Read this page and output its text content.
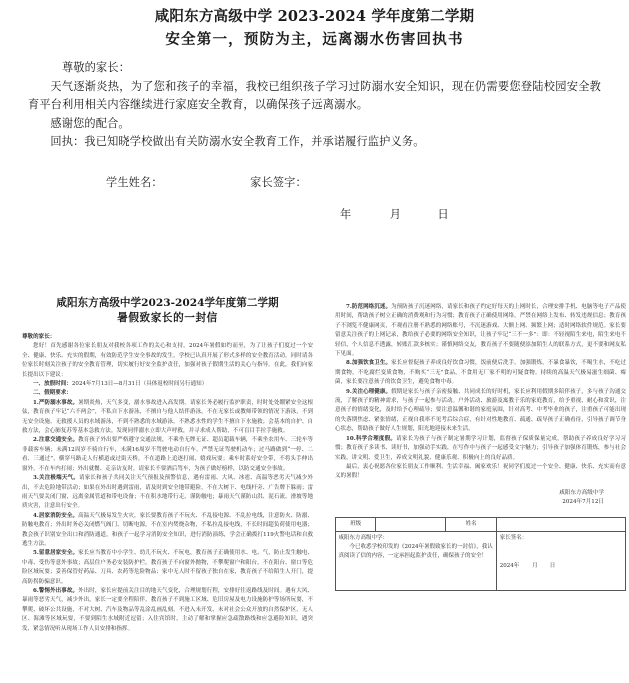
咸阳东方高级中学 2023-2024 学年度第二学期
安全第一，预防为主，远离溺水伤害回执书

尊敬的家长：

天气逐渐炎热，为了您和孩子的幸福，我校已组织孩子学习过防溺水安全知识，现在仍需要您登陆校园安全教育平台利用相关内容继续进行家庭安全教育，以确保孩子远离溺水。

感谢您的配合。

回执：我已知晓学校做出有关防溺水安全教育工作，并承诺履行监护义务。

学生姓名：	家长签字：
年	月	日
咸阳东方高级中学2023-2024学年度第二学期
暑假致家长的一封信

尊敬的家长：

您好！首先感谢各位家长朋友对我校各项工作的关心和支持。2024年暑假如约而至，为了让孩子们度过一个安全、健康、快乐、充实的假期，有效防范学生安全事故的发生，学校已认真开展了形式多样的安全教育活动。同时请各位家长时刻关注孩子的安全教育管理，切实履行好安全监护责任，加强对孩子假期生活的关心与指导。在此，我们向家长提出以下建议：

一、放假时间：2024年7月13日—8月31日（具体返校时间另行通知）

二、假期要求：

1.严防溺水事故。暑期炎热，天气多变，溺水事故进入高发期。请家长务必履行监护职责，时时处处绷紧安全这根弦，教育孩子牢记“六不两会”，不私自下水游泳，不擅自与他人结伴游泳，不在无家长或教师带领的情况下游泳，不到无安全设施、无救援人员的水域游泳，不到不熟悉的水域游泳，不熟悉水性的学生不擅自下水施救；会基本的自护、自救方法，会心肺复苏等基本急救方法。发现同伴溺水立即大声呼救，并寻求成人帮助，不可盲目手拉手施救。

2.注意交通安全。教育孩子外出要严格遵守交通法规，不乘坐无牌无证、超员超载车辆，不乘坐农用车、三轮车等非载客车辆；未满12周岁不骑自行车，未满16周岁不驾驶电动自行车，严禁无证驾驶机动车；过马路做到“一停、二看、三通过”，横穿马路走人行横道或过街天桥，不在道路上追逐打闹、嬉戏玩耍；乘车时系好安全带，不将头手伸出窗外，不在车内打闹；外出就餐、走亲访友时，请家长不要酒后驾车，为孩子做好榜样，以防交通安全事故。

3.关注极端天气。请家长和孩子共同关注天气预报及预警信息，遇有雷雨、大风、冰雹、高温等恶劣天气减少外出，不去危险地带活动；如果在外出时遇到雷雨，请及时到安全地带避险，不在大树下、电线杆旁、广告牌下躲雨；雷雨天气要关闭门窗，远离金属管道和带电设备；不在积水地带行走，谨防触电；暴雨天气谨防山洪、泥石流、滑坡等地质灾害，注意出行安全。

4.居家消防安全。高温天气极易发生火灾，家长要教育孩子不玩火、不乱接电源、不乱拉电线，注意防火、防溺、防触电教育；外出时务必关闭燃气阀门、切断电源，不在室内焚烧杂物，不私拉乱接电线，不长时间超负荷使用电器；教会孩子识别安全出口和消防通道，和孩子一起学习消防安全知识，进行消防演练，学会正确拨打119火警电话和自救逃生方法。

5.留意居家安全。家长应当教育中小学生、幼儿不玩火、不玩电，教育孩子正确使用水、电、气，防止发生触电、中毒、受伤等意外事故；高层住户务必安装防护栏，教育孩子不向窗外抛物，不攀爬窗户和阳台，不在阳台、窗口等危险区域玩耍；妥善保管好药品、刀具、农药等危险物品；家中无人时不留孩子独自在家，教育孩子不给陌生人开门，提高防拐防骗意识。

6.警惕外出事故。外出时，家长应提前关注目的地天气变化，合理规划行程，安排好往返路线及时间。遇有大风、暴雨等恶劣天气，减少外出，家长一定要全程陪伴，教育孩子不到施工区域、危旧房屋及电力设施防护等场所玩耍，不攀爬、破坏公共设施，不对大树、汽车及物品等乱涂乱画乱刻，不进入未开发、未对社会公众开放的自然保护区，无人区、海滩等区域玩耍，不要到陌生水域附近逗留；入住宾馆时，主动了解和掌握应急疏散路线和应急避险知识，遇突发、紧急情况听从现场工作人员安排和指挥。

7.防范网络沉迷。为预防孩子沉迷网络，请家长和孩子约定好每天的上网时长，合理安排手机、电脑等电子产品使用时间，帮助孩子树立正确的消费观和行为习惯；教育孩子正确使用网络，严禁在网络上发布、转发违规信息；教育孩子不浏览不健康网页，不观看注册不熟悉的网络账号，不沉迷游戏、大额上网、频繁上网；适时网络软件规范。家长要留意关注孩子的上网记录，教给孩子必要的网络安全知识，让孩子牢记“三不一多”：即：不轻视陌生来电，陌生来电不轻信，个人信息不透露，转账汇款多核实；谨慎网络交友，教育孩子不要随便添加陌生人的联系方式，更不要和网友私下见面。

8.加强饮食卫生。家长应督促孩子养成良好饮食习惯，饭前便后洗手，加强锻炼，不暴食暴饮，不喝生水，不吃过期食物，不吃腐烂变质食物，不购买“三无”食品，不食用无厂家不明的可疑食物。持续的高温天气极易滋生细菌、霉菌，家长要注意孩子的饮食卫生，避免食物中毒。

9.关注心理健康。假期是家长与孩子亲密接触、共同成长的好时机，家长应利用假期多陪伴孩子，多与孩子沟通交流，了解孩子的精神需求，与孩子一起参与活动。户外活动、旅游及寓教于乐的家庭教育，给予重视、耐心和赏识，注意孩子的情绪变化，及时给予心理疏导；要注意温馨和谐的家庭氛围，针对高考、中考毕业的孩子，注重孩子可能出现的失落期焦虑、紧张情绪，正视自我率不见考后综合症，有针对性地教育、疏通、疏导孩子正确看待，引导孩子调节身心状态，帮助孩子做好人生规划，阳光地迎接未来生活。

10.科学合理度假。请家长为孩子与孩子制定暑期学习计划，监督孩子保质保量完成，帮助孩子养成良好学习习惯；教育孩子多读书、读好书，加强动手实践，在写作中与孩子一起感受文字魅力；引导孩子加强体育锻炼，参与社会实践，讲文明、爱卫生，养成文明礼貌、健康乐观、积极向上的良好品质。

最后，衷心祝愿各位家长朋友工作顺利、生活幸福、阖家欢乐！祝同学们度过一个安全、健康、快乐、充实而有意义的暑假！

咸阳东方高级中学
2024年7月12日
班级		姓名	

咸阳东方高级中学：
今已收悉学校印发的《2024年暑假致家长的一封信》，我认真阅读了信的内容，一定承担起监护责任，确保孩子的安全！

家长签名：
2024年 月 日
